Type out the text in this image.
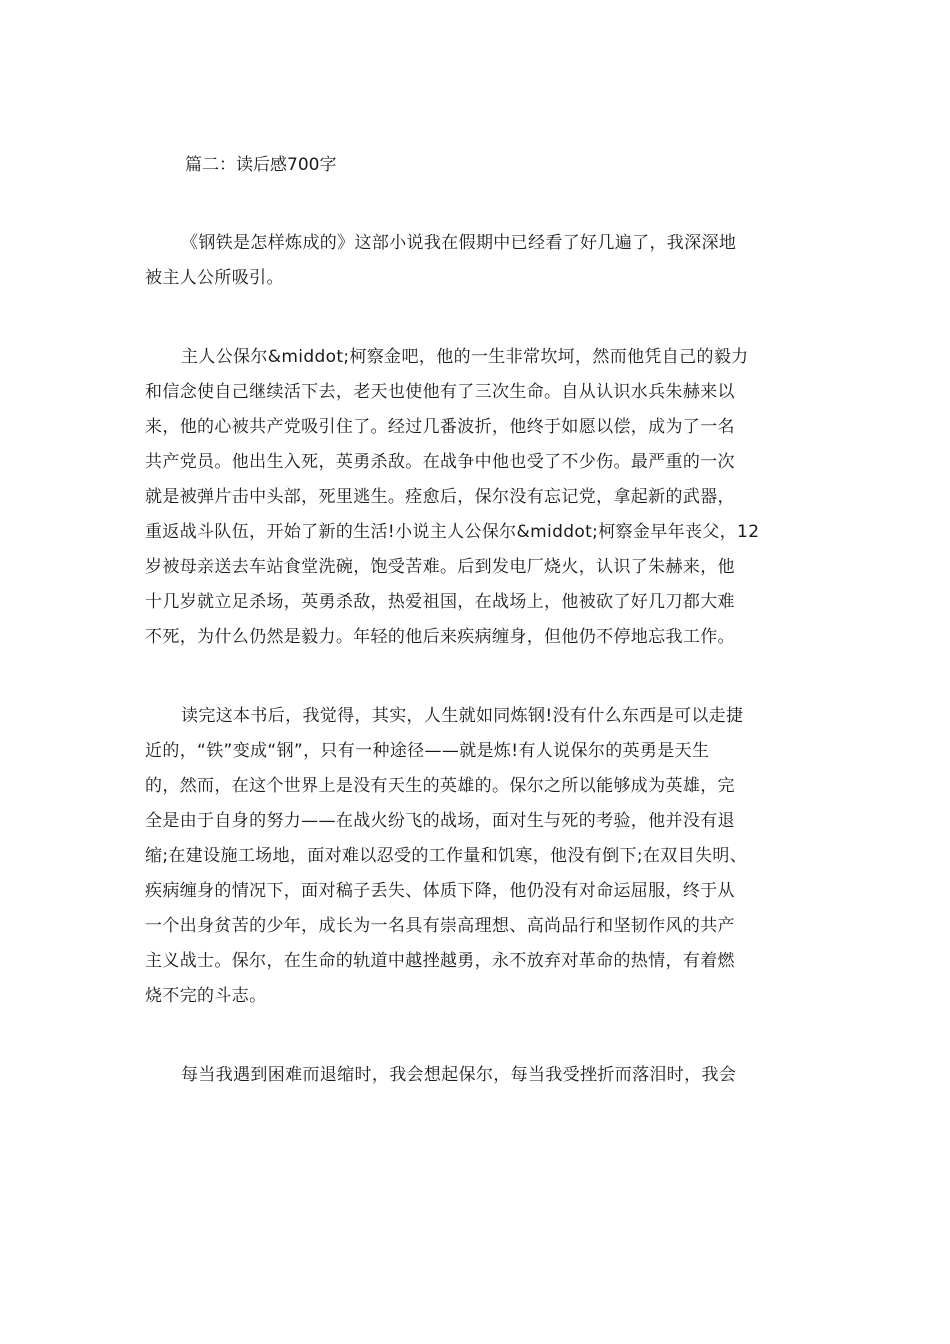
篇二：读后感700字
《钢铁是怎样炼成的》这部小说我在假期中已经看了好几遍了，我深深地
被主人公所吸引。
主人公保尔&middot;柯察金吧，他的一生非常坎坷，然而他凭自己的毅力
和信念使自己继续活下去，老天也使他有了三次生命。自从认识水兵朱赫来以
来，他的心被共产党吸引住了。经过几番波折，他终于如愿以偿，成为了一名
共产党员。他出生入死，英勇杀敌。在战争中他也受了不少伤。最严重的一次
就是被弹片击中头部，死里逃生。痊愈后，保尔没有忘记党，拿起新的武器，
重返战斗队伍，开始了新的生活!小说主人公保尔&middot;柯察金早年丧父，12
岁被母亲送去车站食堂洗碗，饱受苦难。后到发电厂烧火，认识了朱赫来，他
十几岁就立足杀场，英勇杀敌，热爱祖国，在战场上，他被砍了好几刀都大难
不死，为什么仍然是毅力。年轻的他后来疾病缠身，但他仍不停地忘我工作。
读完这本书后，我觉得，其实，人生就如同炼钢!没有什么东西是可以走捷
近的，“铁”变成“钢”，只有一种途径——就是炼!有人说保尔的英勇是天生
的，然而，在这个世界上是没有天生的英雄的。保尔之所以能够成为英雄，完
全是由于自身的努力——在战火纷飞的战场，面对生与死的考验，他并没有退
缩;在建设施工场地，面对难以忍受的工作量和饥寒，他没有倒下;在双目失明、
疾病缠身的情况下，面对稿子丢失、体质下降，他仍没有对命运屈服，终于从
一个出身贫苦的少年，成长为一名具有崇高理想、高尚品行和坚韧作风的共产
主义战士。保尔，在生命的轨道中越挫越勇，永不放弃对革命的热情，有着燃
烧不完的斗志。
每当我遇到困难而退缩时，我会想起保尔，每当我受挫折而落泪时，我会
